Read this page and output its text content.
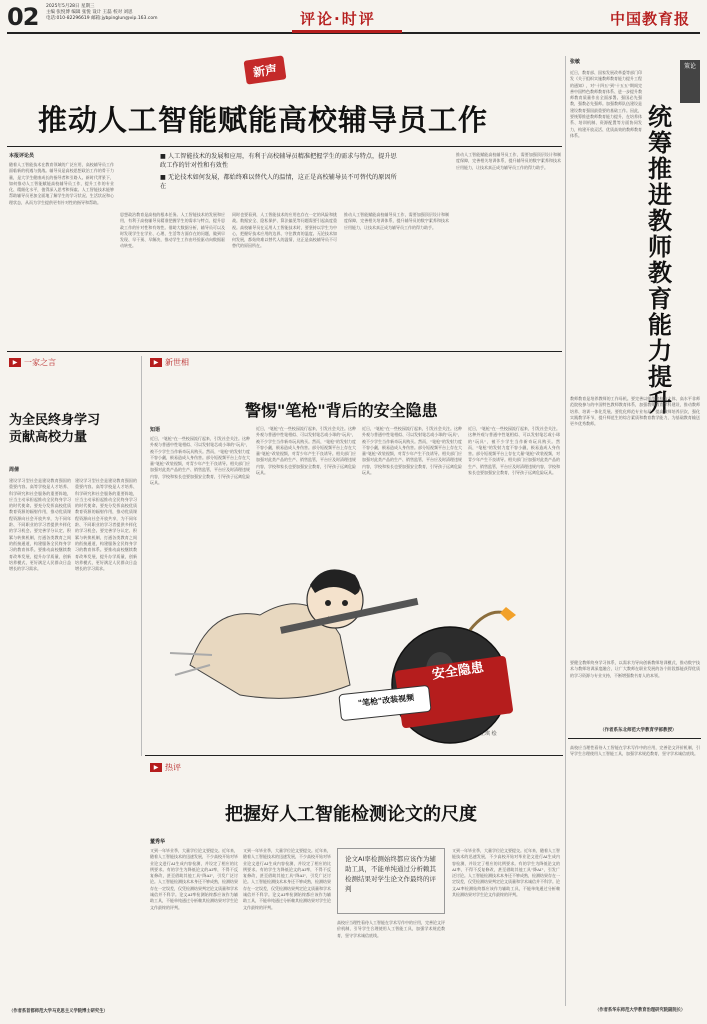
02 2025年5月28日 星期三
主编 张悦博 编辑 张悦 设计 王磊 校对 刘思
电话:010-82296619 邮箱:jybpinglun@vip.163.com	评论·时评	中国教育报
新声
推动人工智能赋能高校辅导员工作
本报评论员
随着人工智能技术在教育领域的广泛应用，高校辅导员工作面临新的机遇与挑战。辅导员是高校思想政治工作的骨干力量，是大学生健康成长的指导者和引路人。新时代背景下，如何推动人工智能赋能高校辅导员工作，提升工作的专业化、精细化水平，值得深入思考和探索。人工智能技术能够帮助辅导员更加全面地了解学生的学习状况、生活状况和心理状态，从而为学生提供更有针对性的指导和帮助。
■ 人工智能技术的发展和应用，有利于高校辅导员精准把握学生的需求与特点，提升思政工作的针对性和有效性
■ 无论技术如何发展，都始终难以替代人的温情，这正是高校辅导员不可替代的原因所在
思想政治教育是高校的根本任务。人工智能技术的发展和应用，有利于高校辅导员精准把握学生的需求与特点，提升思政工作的针对性和有效性。借助大数据分析，辅导员可以及时发现学生在学业、心理、生活等方面存在的问题，做到早发现、早干预、早解决，推动学生工作由经验驱动向数据驱动转变。
同时也要看到，人工智能技术的应用也存在一定的风险和挑战。数据安全、隐私保护、算法偏见等问题需要引起高度重视。高校辅导员在运用人工智能技术时，要坚持以学生为中心，把握好技术应用的边界，守住教育的温度。无论技术如何发展，都始终难以替代人的温情，这正是高校辅导员不可替代的原因所在。
推动人工智能赋能高校辅导员工作，需要加强顶层设计和制度保障，完善相关培训体系，提升辅导员的数字素养和技术应用能力，让技术真正成为辅导员工作的得力助手。
推动人工智能赋能高校辅导员工作，需要加强顶层设计和制度保障，完善相关培训体系，提升辅导员的数字素养和技术应用能力，让技术真正成为辅导员工作的得力助手。
张敏
策论
统筹推进教师教育能力提升
近日，教育部、国家发展改革委等部门印发《关于组织实施教师教育能力提升工程的通知》，对"十四五"到"十五五"期间完善中国特色教师教育体系、进一步提升教师教育质量作出全面部署。强国必先强教，强教必先强师。加强教师队伍建设是建设教育强国最重要的基础工作。因此，要统筹推进教师教育能力提升，在培养体系、培训机制、资源配置等方面协同发力，构建开放灵活、优质高效的教师教育体系。
教师教育是培养教师的工作母机。要完善以师范院校为主体、高水平非师范院校参与的中国特色教师教育体系，加强教师教育学科建设，推动教师培养、培训一体化发展。要优化师范专业布局，提高教师培养层次，强化实践教学环节，提升师范生的综合素质和教育教学能力，为基础教育输送更多优秀教师。
要健全教师终身学习体系，以需求为导向创新教师培训模式，推动数字技术与教师培训深度融合，让广大教师在职业发展的各个阶段都能获得优质的学习资源与专业支持，不断增强教书育人的本领。
（作者系东北师范大学教育学部教授）
▶ 一家之言
为全民终身学习
贡献高校力量
周倩
建设学习型社会是建设教育强国的重要内容。高等学校是人才培养、科学研究和社会服务的重要阵地，应当主动承担起推动全民终身学习的时代使命。要充分发挥高校优质教育资源的辐射作用，推动优质课程资源向社会开放共享，为不同年龄、不同职业的学习者提供多样化的学习机会。要完善学分认定、积累与转换机制，打通各类教育之间的衔接通道，构建服务全民终身学习的教育体系。要推动高校继续教育改革发展，提升办学质量，创新培养模式，更好满足人民群众日益增长的学习需求。
建设学习型社会是建设教育强国的重要内容。高等学校是人才培养、科学研究和社会服务的重要阵地，应当主动承担起推动全民终身学习的时代使命。要充分发挥高校优质教育资源的辐射作用，推动优质课程资源向社会开放共享，为不同年龄、不同职业的学习者提供多样化的学习机会。要完善学分认定、积累与转换机制，打通各类教育之间的衔接通道，构建服务全民终身学习的教育体系。要推动高校继续教育改革发展，提升办学质量，创新培养模式，更好满足人民群众日益增长的学习需求。
（作者系首都师范大学马克思主义学院博士研究生）
▶ 新世相
警惕"笔枪"背后的安全隐患
知语
近日，"笔枪"在一些校园流行起来，引发社会关注。这种外观与普通中性笔相似、可以发射笔芯或小球的"玩具"，被不少学生当作新奇玩具购买。然而，"笔枪"的发射力度不容小觑，极易造成人身伤害。部分短视频平台上存在大量"笔枪"改装视频，对青少年产生不良诱导。相关部门应加强对此类产品的生产、销售监管，平台应及时清理违规内容，学校和家长也要加强安全教育，引导孩子远离危险玩具。
近日，"笔枪"在一些校园流行起来，引发社会关注。这种外观与普通中性笔相似、可以发射笔芯或小球的"玩具"，被不少学生当作新奇玩具购买。然而，"笔枪"的发射力度不容小觑，极易造成人身伤害。部分短视频平台上存在大量"笔枪"改装视频，对青少年产生不良诱导。相关部门应加强对此类产品的生产、销售监管，平台应及时清理违规内容，学校和家长也要加强安全教育，引导孩子远离危险玩具。
近日，"笔枪"在一些校园流行起来，引发社会关注。这种外观与普通中性笔相似、可以发射笔芯或小球的"玩具"，被不少学生当作新奇玩具购买。然而，"笔枪"的发射力度不容小觑，极易造成人身伤害。部分短视频平台上存在大量"笔枪"改装视频，对青少年产生不良诱导。相关部门应加强对此类产品的生产、销售监管，平台应及时清理违规内容，学校和家长也要加强安全教育，引导孩子远离危险玩具。
近日，"笔枪"在一些校园流行起来，引发社会关注。这种外观与普通中性笔相似、可以发射笔芯或小球的"玩具"，被不少学生当作新奇玩具购买。然而，"笔枪"的发射力度不容小觑，极易造成人身伤害。部分短视频平台上存在大量"笔枪"改装视频，对青少年产生不良诱导。相关部门应加强对此类产品的生产、销售监管，平台应及时清理违规内容，学校和家长也要加强安全教育，引导孩子远离危险玩具。
安全隐患
"笔枪"改装视频
王琪 绘
▶ 热评
把握好人工智能检测论文的尺度
董秀华
又到一年毕业季，大量学位论文要提交。近年来，随着人工智能技术的迅速发展，不少高校开始对毕业论文进行AI生成内容检测，并设定了相应的比例要求。有的学生为降低论文的AI率，不得不反复修改，甚至借助其他工具"降AI"，引发广泛讨论。人工智能检测技术本身还不够成熟，检测结果存在一定误差，仅凭检测结果判定论文质量和学术诚信并不科学。论文AI率检测始终都应该作为辅助工具，不能单纯通过分析赖其检测结果对学生论文作最终的评判。
又到一年毕业季，大量学位论文要提交。近年来，随着人工智能技术的迅速发展，不少高校开始对毕业论文进行AI生成内容检测，并设定了相应的比例要求。有的学生为降低论文的AI率，不得不反复修改，甚至借助其他工具"降AI"，引发广泛讨论。人工智能检测技术本身还不够成熟，检测结果存在一定误差，仅凭检测结果判定论文质量和学术诚信并不科学。论文AI率检测始终都应该作为辅助工具，不能单纯通过分析赖其检测结果对学生论文作最终的评判。
论文AI率检测始终都应该作为辅助工具，不能单纯通过分析赖其检测结果对学生论文作最终的评判
高校应当理性看待人工智能在学术写作中的应用，完善论文评价机制，引导学生合理使用人工智能工具，加强学术规范教育，坚守学术诚信底线。
又到一年毕业季，大量学位论文要提交。近年来，随着人工智能技术的迅速发展，不少高校开始对毕业论文进行AI生成内容检测，并设定了相应的比例要求。有的学生为降低论文的AI率，不得不反复修改，甚至借助其他工具"降AI"，引发广泛讨论。人工智能检测技术本身还不够成熟，检测结果存在一定误差，仅凭检测结果判定论文质量和学术诚信并不科学。论文AI率检测始终都应该作为辅助工具，不能单纯通过分析赖其检测结果对学生论文作最终的评判。
高校应当理性看待人工智能在学术写作中的应用，完善论文评价机制，引导学生合理使用人工智能工具，加强学术规范教育，坚守学术诚信底线。
（作者系华东师范大学教育治理研究院副院长）
